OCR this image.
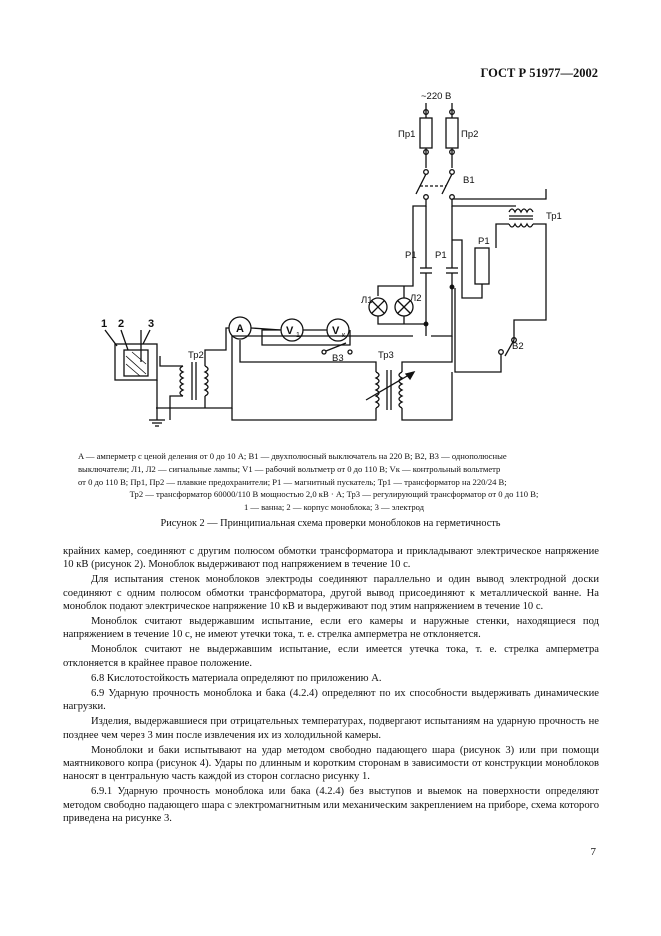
ГОСТ Р 51977—2002
~220 В
Пр1	Пр2
В1
Тр1
Р1
В2
Р1 Р1
Л1	Л2
A	V 1	V к
В3	Тр3
Тр2
1 2 3
A — амперметр с ценой деления от 0 до 10 А; В1 — двухполюсный выключатель на 220 В; В2, В3 — однополюсные
выключатели; Л1, Л2 — сигнальные лампы; V1 — рабочий вольтметр от 0 до 110 В; Vк — контрольный вольтметр
от 0 до 110 В; Пр1, Пр2 — плавкие предохранители; Р1 — магнитный пускатель; Тр1 — трансформатор на 220/24 В;
Тр2 — трансформатор 60000/110 В мощностью 2,0 кВ · А; Тр3 — регулирующий трансформатор от 0 до 110 В;
1 — ванна; 2 — корпус моноблока; 3 — электрод
Рисунок 2 — Принципиальная схема проверки моноблоков на герметичность

крайних камер, соединяют с другим полюсом обмотки трансформатора и прикладывают электрическое напряжение 10 кВ (рисунок 2). Моноблок выдерживают под напряжением в течение 10 с.

Для испытания стенок моноблоков электроды соединяют параллельно и один вывод электродной доски соединяют с одним полюсом обмотки трансформатора, другой вывод присоединяют к металлической ванне. На моноблок подают электрическое напряжение 10 кВ и выдерживают под этим напряжением в течение 10 с.

Моноблок считают выдержавшим испытание, если его камеры и наружные стенки, находящиеся под напряжением в течение 10 с, не имеют утечки тока, т. е. стрелка амперметра не отклоняется.

Моноблок считают не выдержавшим испытание, если имеется утечка тока, т. е. стрелка амперметра отклоняется в крайнее правое положение.

6.8 Кислотостойкость материала определяют по приложению А.

6.9 Ударную прочность моноблока и бака (4.2.4) определяют по их способности выдерживать динамические нагрузки.

Изделия, выдержавшиеся при отрицательных температурах, подвергают испытаниям на ударную прочность не позднее чем через 3 мин после извлечения их из холодильной камеры.

Моноблоки и баки испытывают на удар методом свободно падающего шара (рисунок 3) или при помощи маятникового копра (рисунок 4). Удары по длинным и коротким сторонам в зависимости от конструкции моноблоков наносят в центральную часть каждой из сторон согласно рисунку 1.

6.9.1 Ударную прочность моноблока или бака (4.2.4) без выступов и выемок на поверхности определяют методом свободно падающего шара с электромагнитным или механическим закреплением на приборе, схема которого приведена на рисунке 3.

7
